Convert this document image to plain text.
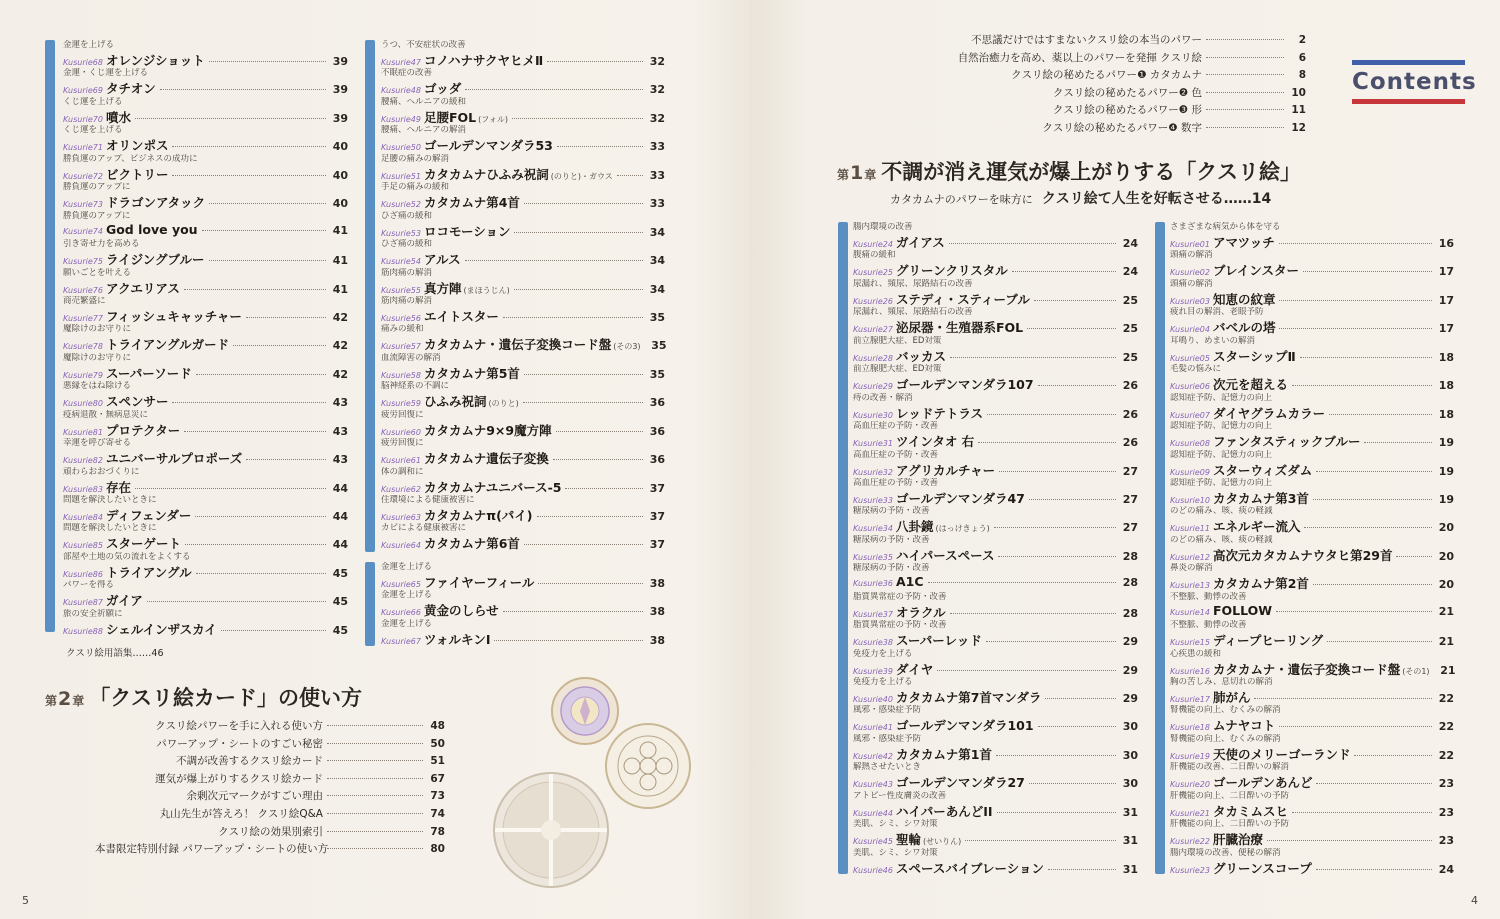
金運を上げる
Kusurie68 オレンジショット	39
金運・くじ運を上げる
Kusurie69 タチオン	39
くじ運を上げる
Kusurie70 噴水	39
くじ運を上げる
Kusurie71 オリンポス	40
勝負運のアップ、ビジネスの成功に
Kusurie72 ビクトリー	40
勝負運のアップに
Kusurie73 ドラゴンアタック	40
勝負運のアップに
Kusurie74 God love you	41
引き寄せ力を高める
Kusurie75 ライジングブルー	41
願いごとを叶える
Kusurie76 アクエリアス	41
商売繁盛に
Kusurie77 フィッシュキャッチャー	42
魔除けのお守りに
Kusurie78 トライアングルガード	42
魔除けのお守りに
Kusurie79 スーパーソード	42
悪縁をはね除ける
Kusurie80 スペンサー	43
疫病退散・無病息災に
Kusurie81 プロテクター	43
幸運を呼び寄せる
Kusurie82 ユニバーサルプロポーズ	43
頑わらおおづくりに
Kusurie83 存在	44
問題を解決したいときに
Kusurie84 ディフェンダー	44
問題を解決したいときに
Kusurie85 スターゲート	44
部屋や土地の気の流れをよくする
Kusurie86 トライアングル	45
パワーを得る
Kusurie87 ガイア	45
旅の安全祈願に
Kusurie88 シェルインザスカイ	45
クスリ絵用語集……46
うつ、不安症状の改善
Kusurie47 コノハナサクヤヒメⅡ	32
不眠症の改善
Kusurie48 ゴッダ	32
腰痛、ヘルニアの緩和
Kusurie49 足腰FOL (フォル)	32
腰痛、ヘルニアの解消
Kusurie50 ゴールデンマンダラ53	33
足腰の痛みの解消
Kusurie51 カタカムナひふみ祝詞 (のりと)・ガウス	33
手足の痛みの緩和
Kusurie52 カタカムナ第4首	33
ひざ痛の緩和
Kusurie53 ロコモーション	34
ひざ痛の緩和
Kusurie54 アルス	34
筋肉痛の解消
Kusurie55 真方陣 (まほうじん)	34
筋肉痛の解消
Kusurie56 エイトスター	35
痛みの緩和
Kusurie57 カタカムナ・遺伝子変換コード盤 (その3) 35
血流障害の解消
Kusurie58 カタカムナ第5首	35
脳神経系の不調に
Kusurie59 ひふみ祝詞 (のりと)	36
疲労回復に
Kusurie60 カタカムナ9×9魔方陣	36
疲労回復に
Kusurie61 カタカムナ遺伝子変換	36
体の調和に
Kusurie62 カタカムナユニバース-5	37
住環境による健康被害に
Kusurie63 カタカムナπ(パイ)	37
カビによる健康被害に
Kusurie64 カタカムナ第6首	37
金運を上げる
Kusurie65 ファイヤーフィール	38
金運を上げる
Kusurie66 黄金のしらせ	38
金運を上げる
Kusurie67 ツォルキンⅠ	38
第2章 「クスリ絵カード」の使い方
クスリ絵パワーを手に入れる使い方	48
パワーアップ・シートのすごい秘密	50
不調が改善するクスリ絵カード	51
運気が爆上がりするクスリ絵カード	67
余剰次元マークがすごい理由	73
丸山先生が答えろ！ クスリ絵Q&A	74
クスリ絵の効果別索引	78
本書限定特別付録 パワーアップ・シートの使い方	80
5
不思議だけではすまないクスリ絵の本当のパワー	2
自然治癒力を高め、薬以上のパワーを発揮 クスリ絵	6
クスリ絵の秘めたるパワー❶ カタカムナ	8
クスリ絵の秘めたるパワー❷ 色	10
クスリ絵の秘めたるパワー❸ 形	11
クスリ絵の秘めたるパワー❹ 数字	12
Contents
第1章 不調が消え運気が爆上がりする「クスリ絵」
カタカムナのパワーを味方に クスリ絵て人生を好転させる……14
腸内環境の改善
Kusurie24 ガイアス	24
腹痛の緩和
Kusurie25 グリーンクリスタル	24
尿漏れ、頻尿、尿路結石の改善
Kusurie26 ステディ・スティーブル	25
尿漏れ、頻尿、尿路結石の改善
Kusurie27 泌尿器・生殖器系FOL	25
前立腺肥大症、ED対策
Kusurie28 バッカス	25
前立腺肥大症、ED対策
Kusurie29 ゴールデンマンダラ107	26
痔の改善・解消
Kusurie30 レッドテトラス	26
高血圧症の予防・改善
Kusurie31 ツインタオ 右	26
高血圧症の予防・改善
Kusurie32 アグリカルチャー	27
高血圧症の予防・改善
Kusurie33 ゴールデンマンダラ47	27
糖尿病の予防・改善
Kusurie34 八卦鏡 (はっけきょう)	27
糖尿病の予防・改善
Kusurie35 ハイパースペース	28
糖尿病の予防・改善
Kusurie36 A1C	28
脂質異常症の予防・改善
Kusurie37 オラクル	28
脂質異常症の予防・改善
Kusurie38 スーパーレッド	29
免疫力を上げる
Kusurie39 ダイヤ	29
免疫力を上げる
Kusurie40 カタカムナ第7首マンダラ	29
風邪・感染症予防
Kusurie41 ゴールデンマンダラ101	30
風邪・感染症予防
Kusurie42 カタカムナ第1首	30
解熱させたいとき
Kusurie43 ゴールデンマンダラ27	30
アトピー性皮膚炎の改善
Kusurie44 ハイパーあんどII	31
美肌、シミ、シワ対策
Kusurie45 聖輪 (せいりん)	31
美肌、シミ、シワ対策
Kusurie46 スペースバイブレーション	31
さまざまな病気から体を守る
Kusurie01 アマツッチ	16
頭痛の解消
Kusurie02 ブレインスター	17
頭痛の解消
Kusurie03 知恵の紋章	17
疲れ目の解消、老眼予防
Kusurie04 バベルの塔	17
耳鳴り、めまいの解消
Kusurie05 スターシップⅡ	18
毛髪の悩みに
Kusurie06 次元を超える	18
認知症予防、記憶力の向上
Kusurie07 ダイヤグラムカラー	18
認知症予防、記憶力の向上
Kusurie08 ファンタスティックブルー	19
認知症予防、記憶力の向上
Kusurie09 スターウィズダム	19
認知症予防、記憶力の向上
Kusurie10 カタカムナ第3首	19
のどの痛み、咳、痰の軽減
Kusurie11 エネルギー流入	20
のどの痛み、咳、痰の軽減
Kusurie12 高次元カタカムナウタヒ第29首	20
鼻炎の解消
Kusurie13 カタカムナ第2首	20
不整脈、動悸の改善
Kusurie14 FOLLOW	21
不整脈、動悸の改善
Kusurie15 ディープヒーリング	21
心疾患の緩和
Kusurie16 カタカムナ・遺伝子変換コード盤 (その1) 21
胸の苦しみ、息切れの解消
Kusurie17 肺がん	22
腎機能の向上、むくみの解消
Kusurie18 ムナヤコト	22
腎機能の向上、むくみの解消
Kusurie19 天使のメリーゴーランド	22
肝機能の改善、二日酔いの解消
Kusurie20 ゴールデンあんど	23
肝機能の向上、二日酔いの予防
Kusurie21 タカミムスヒ	23
肝機能の向上、二日酔いの予防
Kusurie22 肝臓治療	23
腸内環境の改善、便秘の解消
Kusurie23 グリーンスコープ	24
4
